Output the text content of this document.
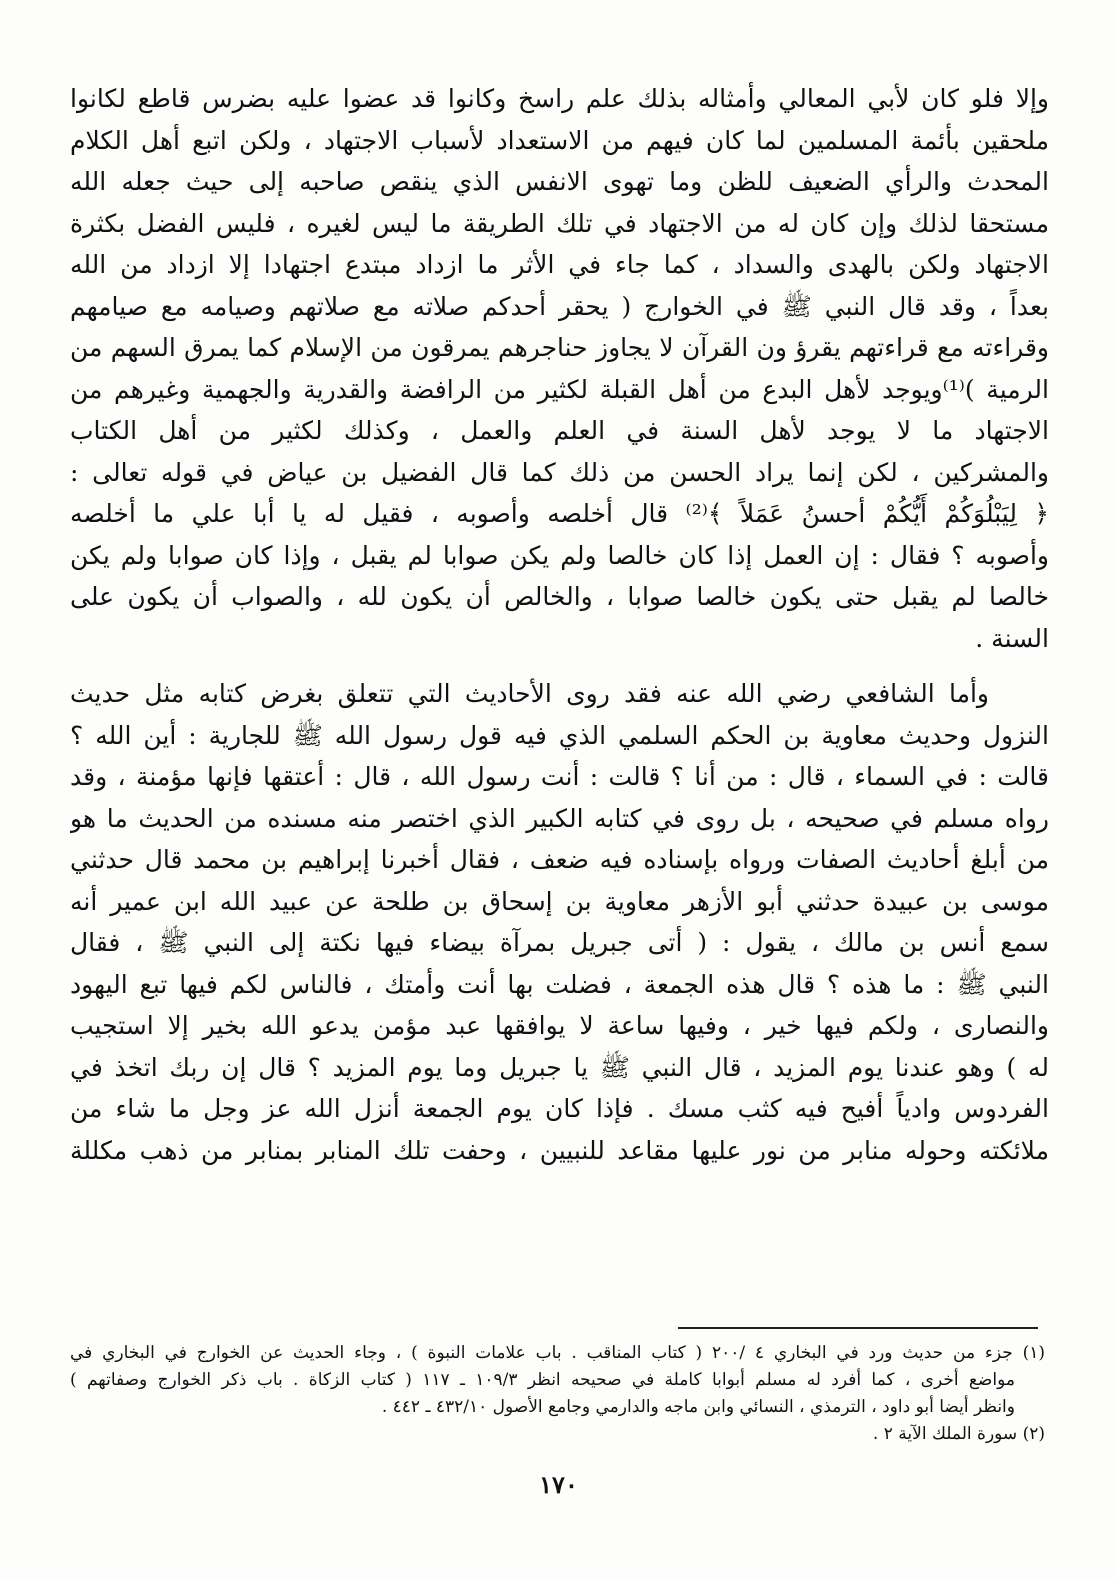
وإلا فلو كان لأبي المعالي وأمثاله بذلك علم راسخ وكانوا قد عضوا عليه بضرس قاطع لكانوا
ملحقين بأئمة المسلمين لما كان فيهم من الاستعداد لأسباب الاجتهاد ، ولكن اتبع أهل الكلام
المحدث والرأي الضعيف للظن وما تهوى الانفس الذي ينقص صاحبه إلى حيث جعله الله
مستحقا لذلك وإن كان له من الاجتهاد في تلك الطريقة ما ليس لغيره ، فليس الفضل بكثرة
الاجتهاد ولكن بالهدى والسداد ، كما جاء في الأثر ما ازداد مبتدع اجتهادا إلا ازداد من الله
بعداً ، وقد قال النبي ﷺ في الخوارج ( يحقر أحدكم صلاته مع صلاتهم وصيامه مع صيامهم
وقراءته مع قراءتهم يقرؤ ون القرآن لا يجاوز حناجرهم يمرقون من الإسلام كما يمرق السهم من
الرمية )⁽¹⁾ويوجد لأهل البدع من أهل القبلة لكثير من الرافضة والقدرية والجهمية وغيرهم من
الاجتهاد ما لا يوجد لأهل السنة في العلم والعمل ، وكذلك لكثير من أهل الكتاب
والمشركين ، لكن إنما يراد الحسن من ذلك كما قال الفضيل بن عياض في قوله تعالى :
﴿ لِيَبْلُوَكُمْ أَيُّكُمْ أحسنُ عَمَلاً ﴾⁽²⁾ قال أخلصه وأصوبه ، فقيل له يا أبا علي ما أخلصه
وأصوبه ؟ فقال : إن العمل إذا كان خالصا ولم يكن صوابا لم يقبل ، وإذا كان صوابا ولم يكن
خالصا لم يقبل حتى يكون خالصا صوابا ، والخالص أن يكون لله ، والصواب أن يكون على
السنة .
وأما الشافعي رضي الله عنه فقد روى الأحاديث التي تتعلق بغرض كتابه مثل حديث
النزول وحديث معاوية بن الحكم السلمي الذي فيه قول رسول الله ﷺ للجارية : أين الله ؟
قالت : في السماء ، قال : من أنا ؟ قالت : أنت رسول الله ، قال : أعتقها فإنها مؤمنة ، وقد
رواه مسلم في صحيحه ، بل روى في كتابه الكبير الذي اختصر منه مسنده من الحديث ما هو
من أبلغ أحاديث الصفات ورواه بإسناده فيه ضعف ، فقال أخبرنا إبراهيم بن محمد قال حدثني
موسى بن عبيدة حدثني أبو الأزهر معاوية بن إسحاق بن طلحة عن عبيد الله ابن عمير أنه
سمع أنس بن مالك ، يقول : ( أتى جبريل بمرآة بيضاء فيها نكتة إلى النبي ﷺ ، فقال
النبي ﷺ : ما هذه ؟ قال هذه الجمعة ، فضلت بها أنت وأمتك ، فالناس لكم فيها تبع اليهود
والنصارى ، ولكم فيها خير ، وفيها ساعة لا يوافقها عبد مؤمن يدعو الله بخير إلا استجيب
له ) وهو عندنا يوم المزيد ، قال النبي ﷺ يا جبريل وما يوم المزيد ؟ قال إن ربك اتخذ في
الفردوس وادياً أفيح فيه كثب مسك . فإذا كان يوم الجمعة أنزل الله عز وجل ما شاء من
ملائكته وحوله منابر من نور عليها مقاعد للنبيين ، وحفت تلك المنابر بمنابر من ذهب مكللة
(١) جزء من حديث ورد في البخاري ٤ /٢٠٠ ( كتاب المناقب . باب علامات النبوة ) ، وجاء الحديث عن الخوارج في البخاري في
مواضع أخرى ، كما أفرد له مسلم أبوابا كاملة في صحيحه انظر ١٠٩/٣ ـ ١١٧ ( كتاب الزكاة . باب ذكر الخوارج وصفاتهم )
وانظر أيضا أبو داود ، الترمذي ، النسائي وابن ماجه والدارمي وجامع الأصول ٤٣٢/١٠ ـ ٤٤٢ .
(٢) سورة الملك الآية ٢ .
١٧٠
